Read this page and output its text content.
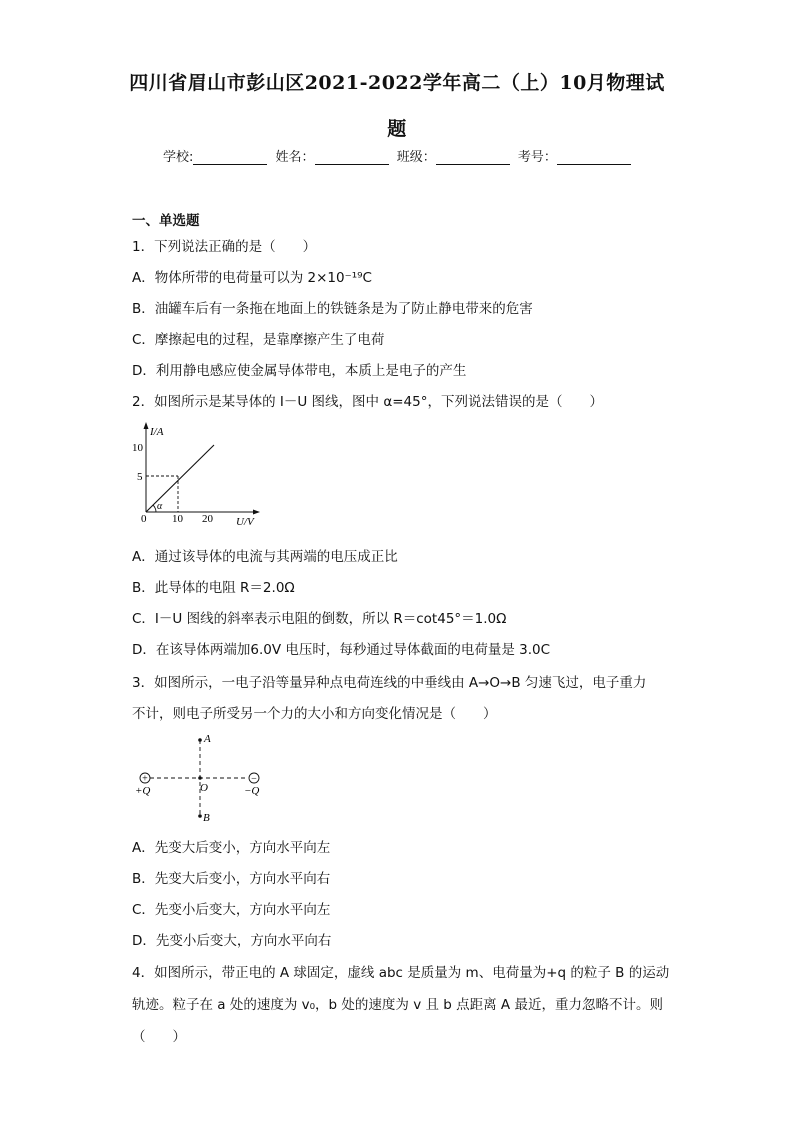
四川省眉山市彭山区2021-2022学年高二（上）10月物理试
题
学校:	姓名：	班级：	考号：
一、单选题
1．下列说法正确的是（　　）
A．物体所带的电荷量可以为 2×10⁻¹⁹C
B．油罐车后有一条拖在地面上的铁链条是为了防止静电带来的危害
C．摩擦起电的过程，是靠摩擦产生了电荷
D．利用静电感应使金属导体带电，本质上是电子的产生
2．如图所示是某导体的 I－U 图线，图中 α=45°，下列说法错误的是（　　）
I/A
U/V
10
5
0 10 20
α
A．通过该导体的电流与其两端的电压成正比
B．此导体的电阻 R＝2.0Ω
C．I－U 图线的斜率表示电阻的倒数，所以 R＝cot45°＝1.0Ω
D．在该导体两端加6.0V 电压时，每秒通过导体截面的电荷量是 3.0C
3．如图所示，一电子沿等量异种点电荷连线的中垂线由 A→O→B 匀速飞过，电子重力
不计，则电子所受另一个力的大小和方向变化情况是（　　）
A
O
B
+	−
+Q	−Q
A．先变大后变小，方向水平向左
B．先变大后变小，方向水平向右
C．先变小后变大，方向水平向左
D．先变小后变大，方向水平向右
4．如图所示，带正电的 A 球固定，虚线 abc 是质量为 m、电荷量为+q 的粒子 B 的运动
轨迹。粒子在 a 处的速度为 v₀，b 处的速度为 v 且 b 点距离 A 最近，重力忽略不计。则
（　　）
